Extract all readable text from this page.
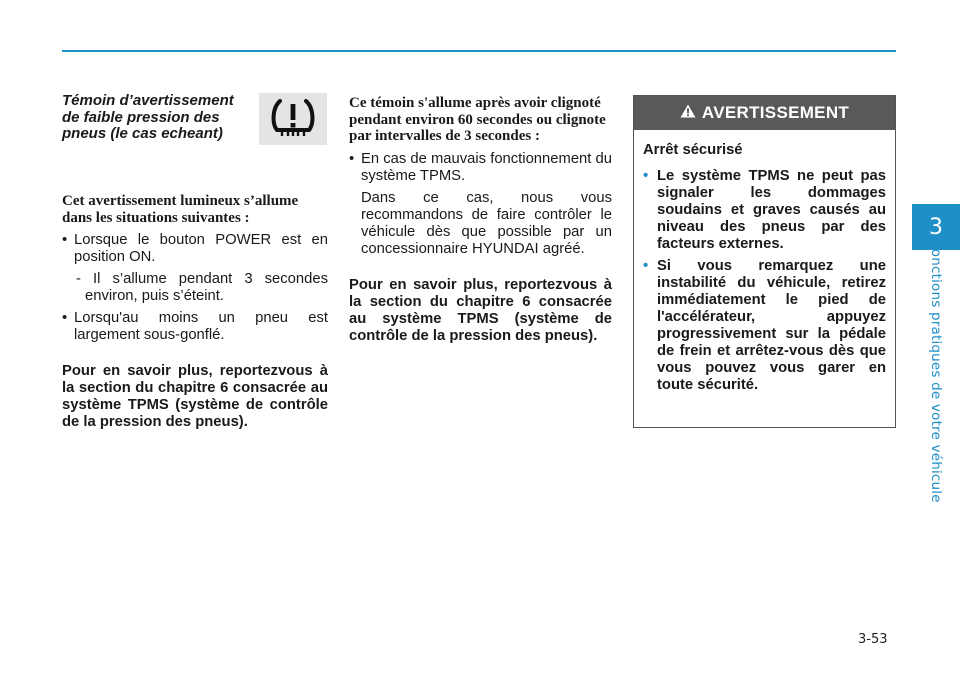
3
Fonctions pratiques de votre véhicule
Témoin d’avertissement de faible pression des pneus (le cas echeant)
Cet avertissement lumineux s’allume dans les situations suivantes :
• Lorsque le bouton POWER est en position ON.
- Il s’allume pendant 3 secondes environ, puis s’éteint.
• Lorsqu'au moins un pneu est largement sous-gonflé.
Pour en savoir plus, reportezvous à la section du chapitre 6 consacrée au système TPMS (système de contrôle de la pression des pneus).
Ce témoin s'allume après avoir clignoté pendant environ 60 secondes ou clignote par intervalles de 3 secondes :
• En cas de mauvais fonctionnement du système TPMS.
Dans ce cas, nous vous recommandons de faire contrôler le véhicule dès que possible par un concessionnaire HYUNDAI agréé.
Pour en savoir plus, reportezvous à la section du chapitre 6 consacrée au système TPMS (système de contrôle de la pression des pneus).
AVERTISSEMENT
Arrêt sécurisé
• Le système TPMS ne peut pas signaler les dommages soudains et graves causés au niveau des pneus par des facteurs externes.
• Si vous remarquez une instabilité du véhicule, retirez immédiatement le pied de l'accélérateur, appuyez progressivement sur la pédale de frein et arrêtez-vous dès que vous pouvez vous garer en toute sécurité.
3-53
